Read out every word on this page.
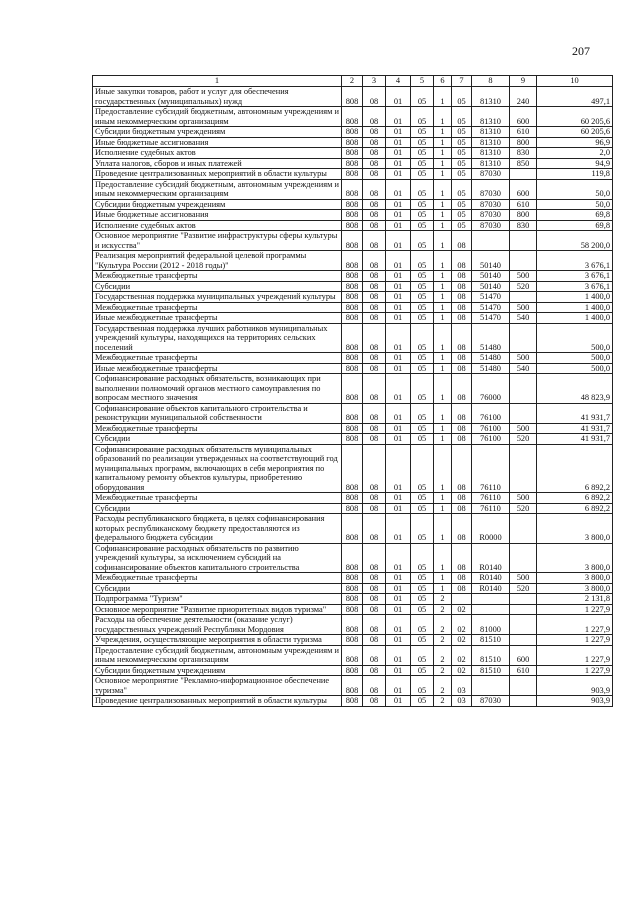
207
1	2	3	4	5	6	7	8	9	10
Иные закупки товаров, работ и услуг для обеспечения государственных (муниципальных) нужд	808	08	01	05	1	05	81310	240	497,1
Предоставление субсидий бюджетным, автономным учреждениям и иным некоммерческим организациям	808	08	01	05	1	05	81310	600	60 205,6
Субсидии бюджетным учреждениям	808	08	01	05	1	05	81310	610	60 205,6
Иные бюджетные ассигнования	808	08	01	05	1	05	81310	800	96,9
Исполнение судебных актов	808	08	01	05	1	05	81310	830	2,0
Уплата налогов, сборов и иных платежей	808	08	01	05	1	05	81310	850	94,9
Проведение централизованных мероприятий в области культуры	808	08	01	05	1	05	87030		119,8
Предоставление субсидий бюджетным, автономным учреждениям и иным некоммерческим организациям	808	08	01	05	1	05	87030	600	50,0
Субсидии бюджетным учреждениям	808	08	01	05	1	05	87030	610	50,0
Иные бюджетные ассигнования	808	08	01	05	1	05	87030	800	69,8
Исполнение судебных актов	808	08	01	05	1	05	87030	830	69,8
Основное мероприятие "Развитие инфраструктуры сферы культуры и искусства"	808	08	01	05	1	08			58 200,0
Реализация мероприятий федеральной целевой программы "Культура России (2012 - 2018 годы)"	808	08	01	05	1	08	50140		3 676,1
Межбюджетные трансферты	808	08	01	05	1	08	50140	500	3 676,1
Субсидии	808	08	01	05	1	08	50140	520	3 676,1
Государственная поддержка муниципальных учреждений культуры	808	08	01	05	1	08	51470		1 400,0
Межбюджетные трансферты	808	08	01	05	1	08	51470	500	1 400,0
Иные межбюджетные трансферты	808	08	01	05	1	08	51470	540	1 400,0
Государственная поддержка лучших работников муниципальных учреждений культуры, находящихся на территориях сельских поселений	808	08	01	05	1	08	51480		500,0
Межбюджетные трансферты	808	08	01	05	1	08	51480	500	500,0
Иные межбюджетные трансферты	808	08	01	05	1	08	51480	540	500,0
Софинансирование расходных обязательств, возникающих при выполнении полномочий органов местного самоуправления по вопросам местного значения	808	08	01	05	1	08	76000		48 823,9
Софинансирование объектов капитального строительства и реконструкции муниципальной собственности	808	08	01	05	1	08	76100		41 931,7
Межбюджетные трансферты	808	08	01	05	1	08	76100	500	41 931,7
Субсидии	808	08	01	05	1	08	76100	520	41 931,7
Софинансирование расходных обязательств муниципальных образований по реализации утвержденных на соответствующий год муниципальных программ, включающих в себя мероприятия по капитальному ремонту объектов культуры, приобретению оборудования	808	08	01	05	1	08	76110		6 892,2
Межбюджетные трансферты	808	08	01	05	1	08	76110	500	6 892,2
Субсидии	808	08	01	05	1	08	76110	520	6 892,2
Расходы республиканского бюджета, в целях софинансирования которых республиканскому бюджету предоставляются из федерального бюджета субсидии	808	08	01	05	1	08	R0000		3 800,0
Софинансирование расходных обязательств по развитию учреждений культуры, за исключением субсидий на софинансирование объектов капитального строительства	808	08	01	05	1	08	R0140		3 800,0
Межбюджетные трансферты	808	08	01	05	1	08	R0140	500	3 800,0
Субсидии	808	08	01	05	1	08	R0140	520	3 800,0
Подпрограмма "Туризм"	808	08	01	05	2				2 131,8
Основное мероприятие "Развитие приоритетных видов туризма"	808	08	01	05	2	02			1 227,9
Расходы на обеспечение деятельности (оказание услуг) государственных учреждений Республики Мордовия	808	08	01	05	2	02	81000		1 227,9
Учреждения, осуществляющие мероприятия в области туризма	808	08	01	05	2	02	81510		1 227,9
Предоставление субсидий бюджетным, автономным учреждениям и иным некоммерческим организациям	808	08	01	05	2	02	81510	600	1 227,9
Субсидии бюджетным учреждениям	808	08	01	05	2	02	81510	610	1 227,9
Основное мероприятие "Рекламно-информационное обеспечение туризма"	808	08	01	05	2	03			903,9
Проведение централизованных мероприятий в области культуры	808	08	01	05	2	03	87030		903,9
